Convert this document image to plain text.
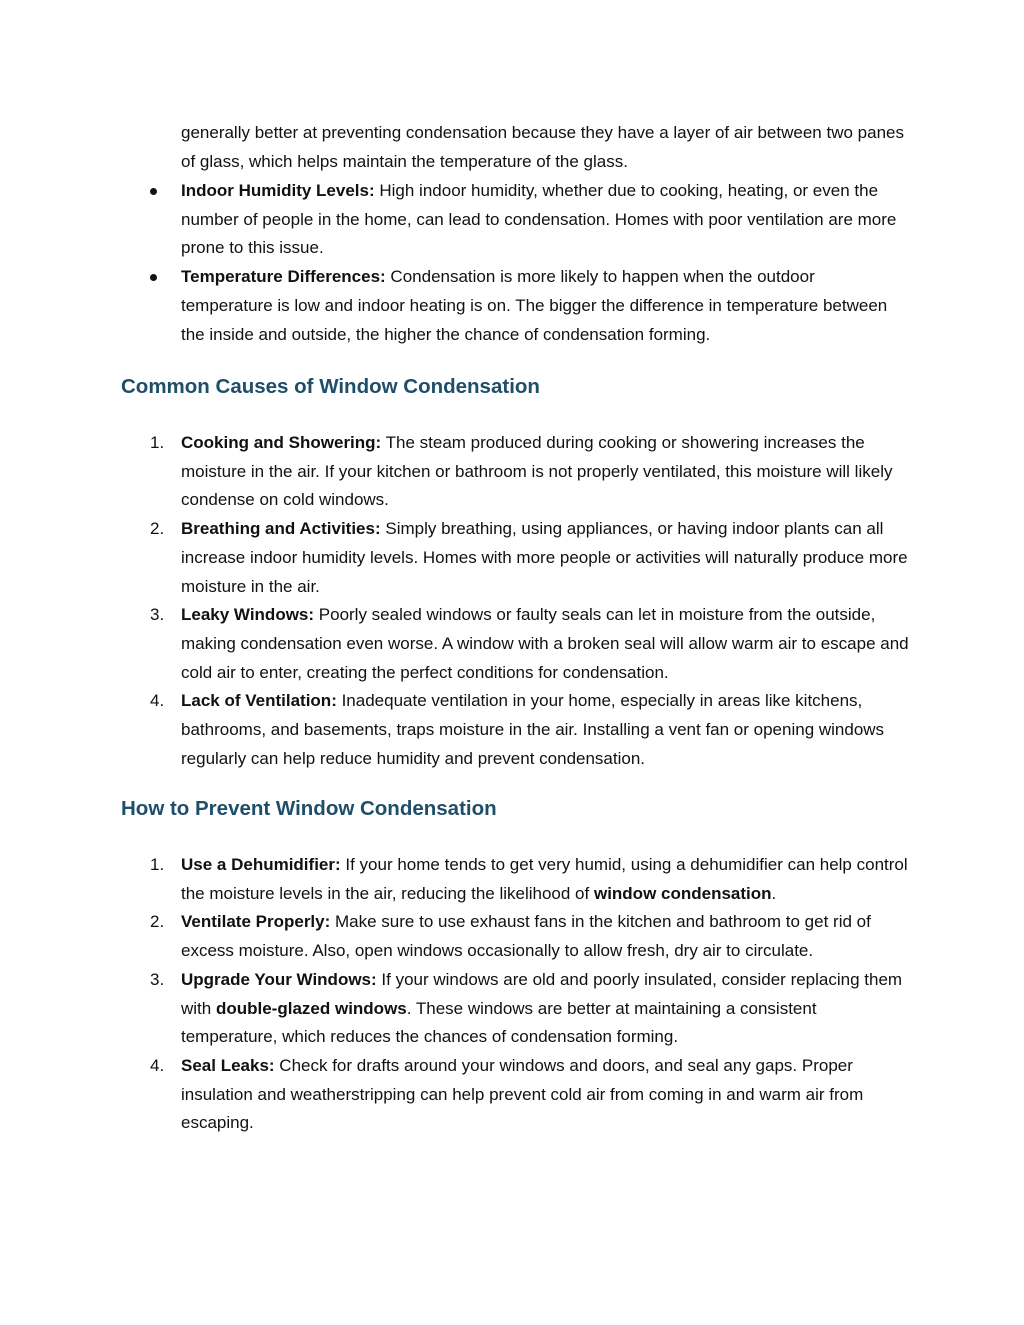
generally better at preventing condensation because they have a layer of air between two panes of glass, which helps maintain the temperature of the glass.

Indoor Humidity Levels: High indoor humidity, whether due to cooking, heating, or even the number of people in the home, can lead to condensation. Homes with poor ventilation are more prone to this issue.
Temperature Differences: Condensation is more likely to happen when the outdoor temperature is low and indoor heating is on. The bigger the difference in temperature between the inside and outside, the higher the chance of condensation forming.
Common Causes of Window Condensation
1. Cooking and Showering: The steam produced during cooking or showering increases the moisture in the air. If your kitchen or bathroom is not properly ventilated, this moisture will likely condense on cold windows.
2. Breathing and Activities: Simply breathing, using appliances, or having indoor plants can all increase indoor humidity levels. Homes with more people or activities will naturally produce more moisture in the air.
3. Leaky Windows: Poorly sealed windows or faulty seals can let in moisture from the outside, making condensation even worse. A window with a broken seal will allow warm air to escape and cold air to enter, creating the perfect conditions for condensation.
4. Lack of Ventilation: Inadequate ventilation in your home, especially in areas like kitchens, bathrooms, and basements, traps moisture in the air. Installing a vent fan or opening windows regularly can help reduce humidity and prevent condensation.
How to Prevent Window Condensation
1. Use a Dehumidifier: If your home tends to get very humid, using a dehumidifier can help control the moisture levels in the air, reducing the likelihood of window condensation.
2. Ventilate Properly: Make sure to use exhaust fans in the kitchen and bathroom to get rid of excess moisture. Also, open windows occasionally to allow fresh, dry air to circulate.
3. Upgrade Your Windows: If your windows are old and poorly insulated, consider replacing them with double-glazed windows. These windows are better at maintaining a consistent temperature, which reduces the chances of condensation forming.
4. Seal Leaks: Check for drafts around your windows and doors, and seal any gaps. Proper insulation and weatherstripping can help prevent cold air from coming in and warm air from escaping.
